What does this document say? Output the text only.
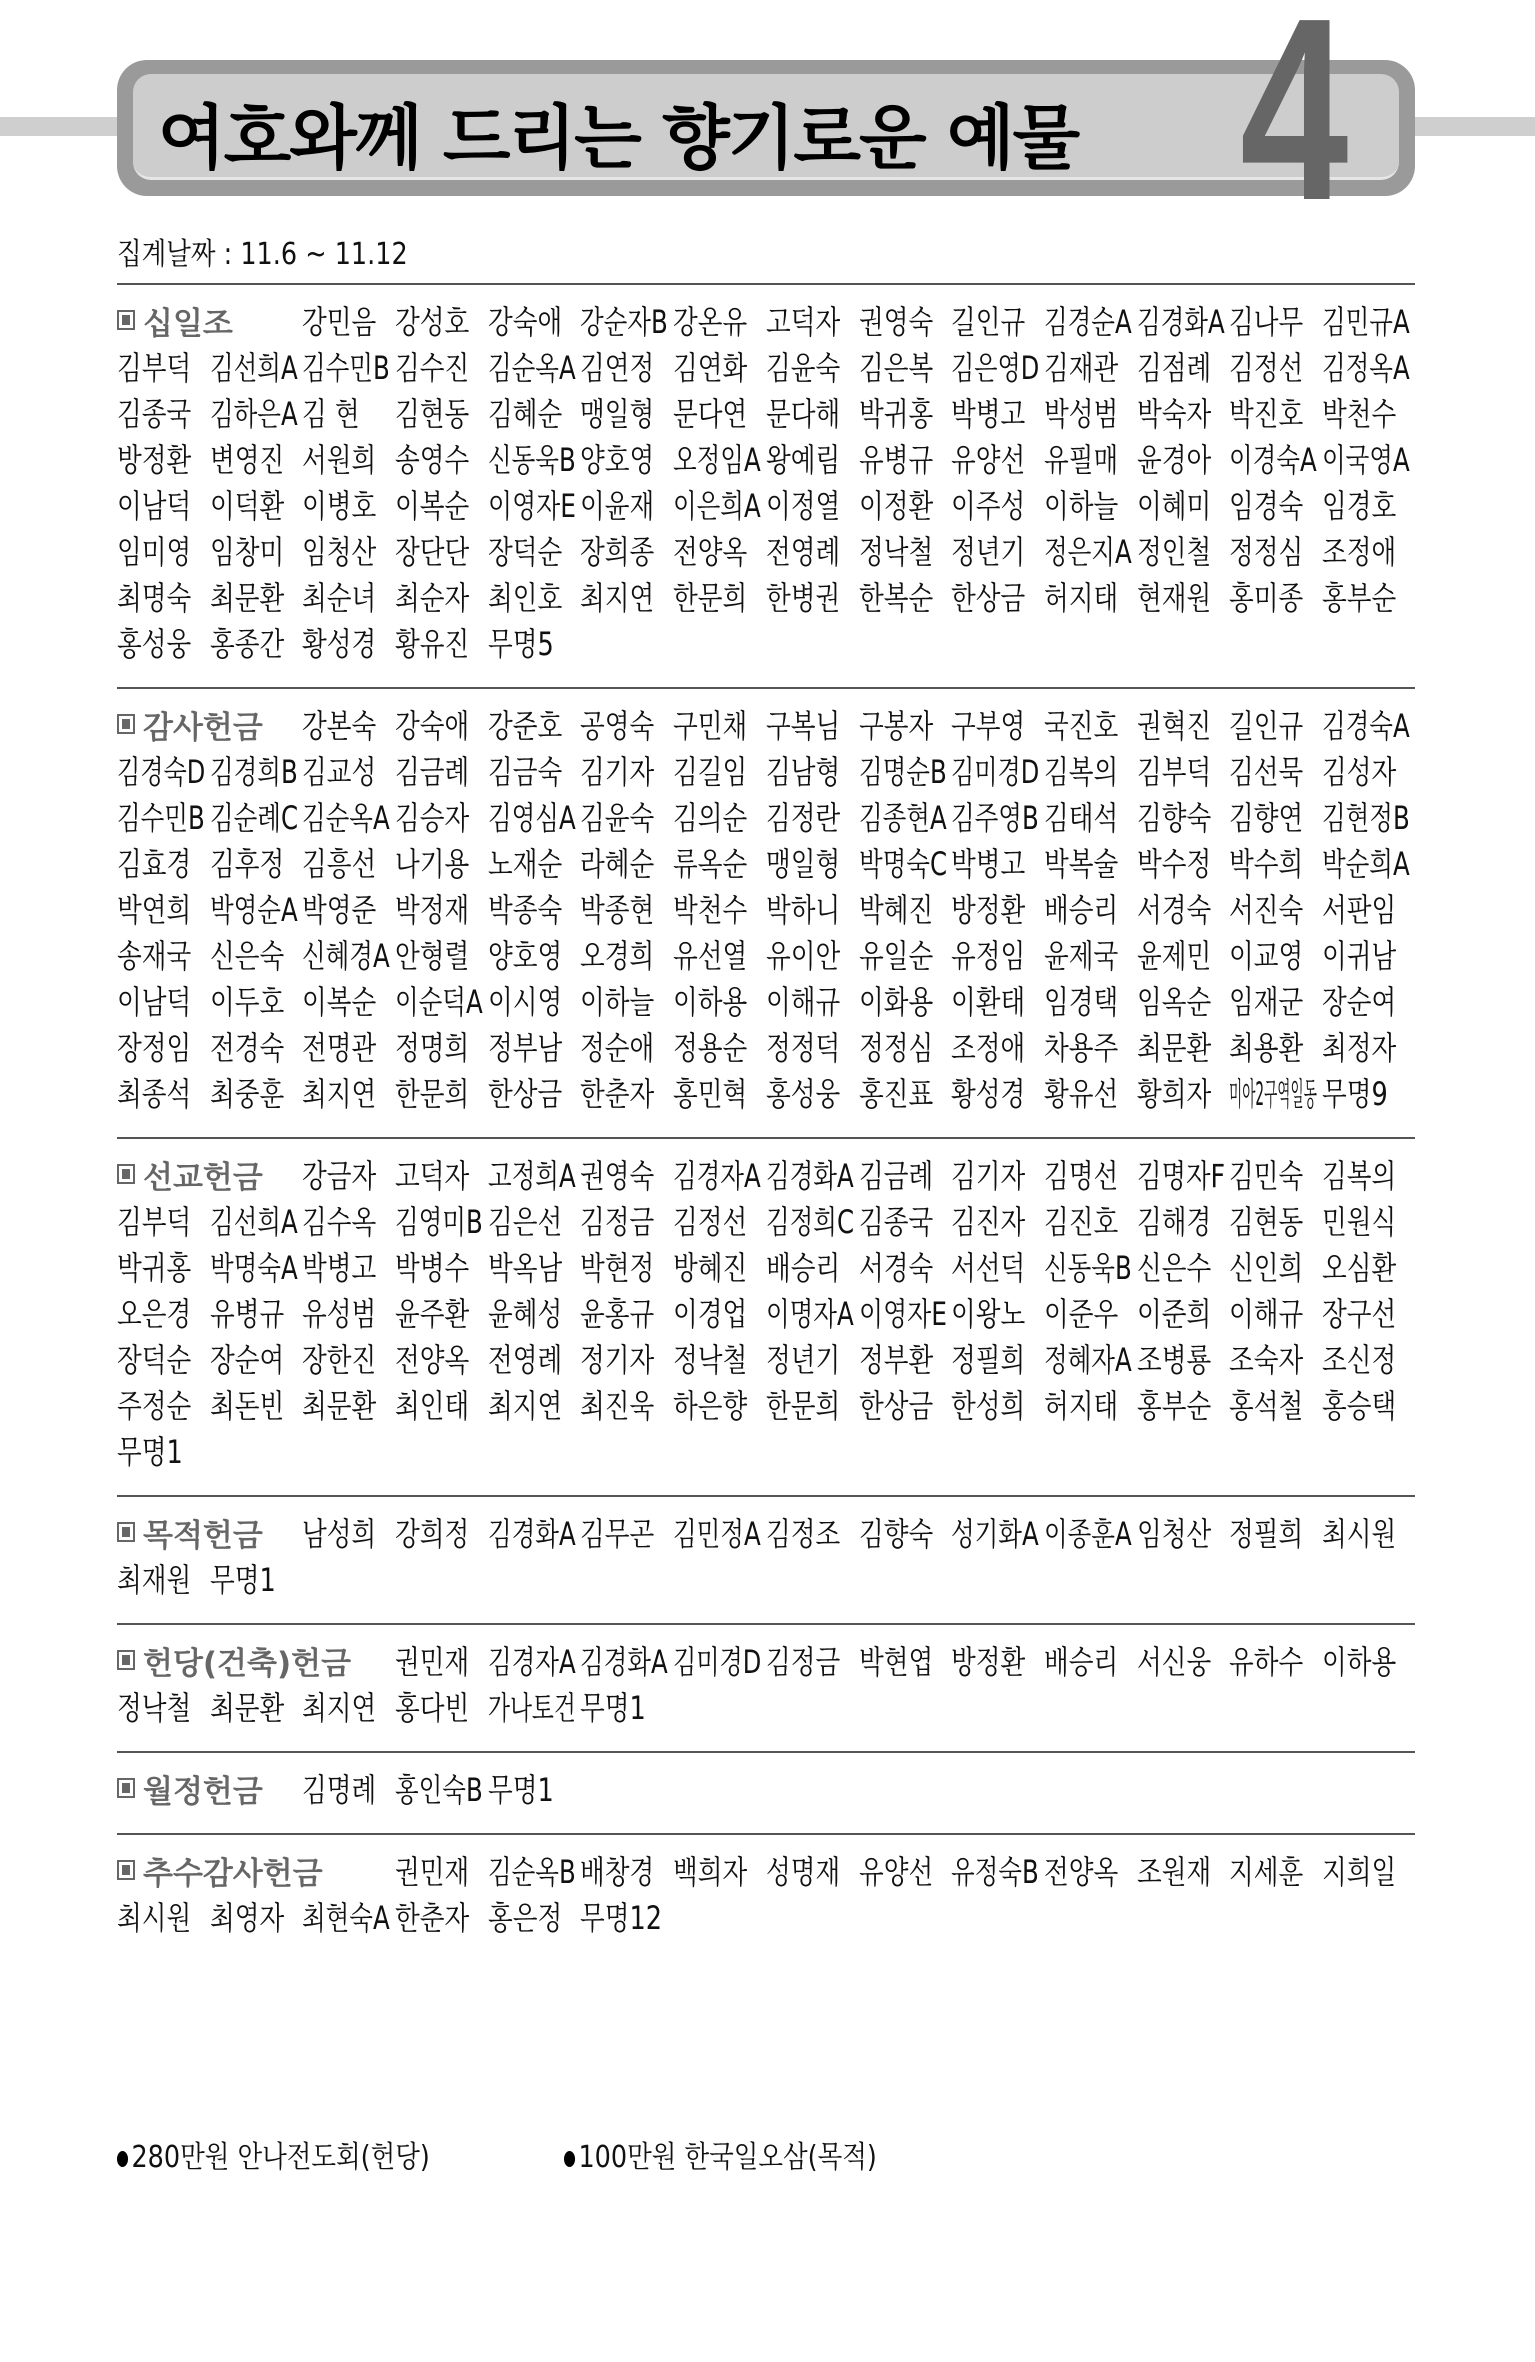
4
여호와께 드리는 향기로운 예물
집계날짜 : 11.6 ~ 11.12
십일조 강민음 강성호 강숙애 강순자B 강온유 고덕자 권영숙 길인규 김경순A 김경화A 김나무 김민규A
김부덕 김선희A 김수민B 김수진 김순옥A 김연정 김연화 김윤숙 김은복 김은영D 김재관 김점례 김정선 김정옥A
김종국 김하은A 김 현	김현동 김혜순 맹일형 문다연 문다해 박귀홍 박병고 박성범 박숙자 박진호 박천수
방정환 변영진 서원희 송영수 신동욱B 양호영 오정임A 왕예림 유병규 유양선 유필매 윤경아 이경숙A 이국영A
이남덕 이덕환 이병호 이복순 이영자E 이윤재 이은희A 이정열 이정환 이주성 이하늘 이혜미 임경숙 임경호
임미영 임창미 임청산 장단단 장덕순 장희종 전양옥 전영례 정낙철 정년기 정은지A 정인철 정정심 조정애
최명숙 최문환 최순녀 최순자 최인호 최지연 한문희 한병권 한복순 한상금 허지태 현재원 홍미종 홍부순
홍성웅 홍종간 황성경 황유진 무명5
감사헌금 강본숙 강숙애 강준호 공영숙 구민채 구복님 구봉자 구부영 국진호 권혁진 길인규 김경숙A
김경숙D 김경희B 김교성 김금례 김금숙 김기자 김길임 김남형 김명순B 김미경D 김복의 김부덕 김선묵 김성자
김수민B 김순례C 김순옥A 김승자 김영심A 김윤숙 김의순 김정란 김종현A 김주영B 김태석 김향숙 김향연 김현정B
김효경 김후정 김흥선 나기용 노재순 라혜순 류옥순 맹일형 박명숙C 박병고 박복술 박수정 박수희 박순희A
박연희 박영순A 박영준 박정재 박종숙 박종현 박천수 박하니 박혜진 방정환 배승리 서경숙 서진숙 서판임
송재국 신은숙 신혜경A 안형렬 양호영 오경희 유선열 유이안 유일순 유정임 윤제국 윤제민 이교영 이귀남
이남덕 이두호 이복순 이순덕A 이시영 이하늘 이하용 이해규 이화용 이환태 임경택 임옥순 임재군 장순여
장정임 전경숙 전명관 정명희 정부남 정순애 정용순 정정덕 정정심 조정애 차용주 최문환 최용환 최정자
최종석 최중훈 최지연 한문희 한상금 한춘자 홍민혁 홍성웅 홍진표 황성경 황유선 황희자 미아2구역일동 무명9
선교헌금 강금자 고덕자 고정희A 권영숙 김경자A 김경화A 김금례 김기자 김명선 김명자F 김민숙 김복의
김부덕 김선희A 김수옥 김영미B 김은선 김정금 김정선 김정희C 김종국 김진자 김진호 김해경 김현동 민원식
박귀홍 박명숙A 박병고 박병수 박옥남 박현정 방혜진 배승리 서경숙 서선덕 신동욱B 신은수 신인희 오심환
오은경 유병규 유성범 윤주환 윤혜성 윤홍규 이경업 이명자A 이영자E 이왕노 이준우 이준희 이해규 장구선
장덕순 장순여 장한진 전양옥 전영례 정기자 정낙철 정년기 정부환 정필희 정혜자A 조병룡 조숙자 조신정
주정순 최돈빈 최문환 최인태 최지연 최진욱 하은향 한문희 한상금 한성희 허지태 홍부순 홍석철 홍승택
무명1
목적헌금 남성희 강희정 김경화A 김무곤 김민정A 김정조 김향숙 성기화A 이종훈A 임청산 정필희 최시원
최재원 무명1
헌당(건축)헌금 권민재 김경자A 김경화A 김미경D 김정금 박현엽 방정환 배승리 서신웅 유하수 이하용
정낙철 최문환 최지연 홍다빈 가나토건 무명1
월정헌금 김명례 홍인숙B 무명1
추수감사헌금 권민재 김순옥B 배창경 백희자 성명재 유양선 유정숙B 전양옥 조원재 지세훈 지희일
최시원 최영자 최현숙A 한춘자 홍은정 무명12
280만원 안나전도회(헌당)	100만원 한국일오삼(목적)
